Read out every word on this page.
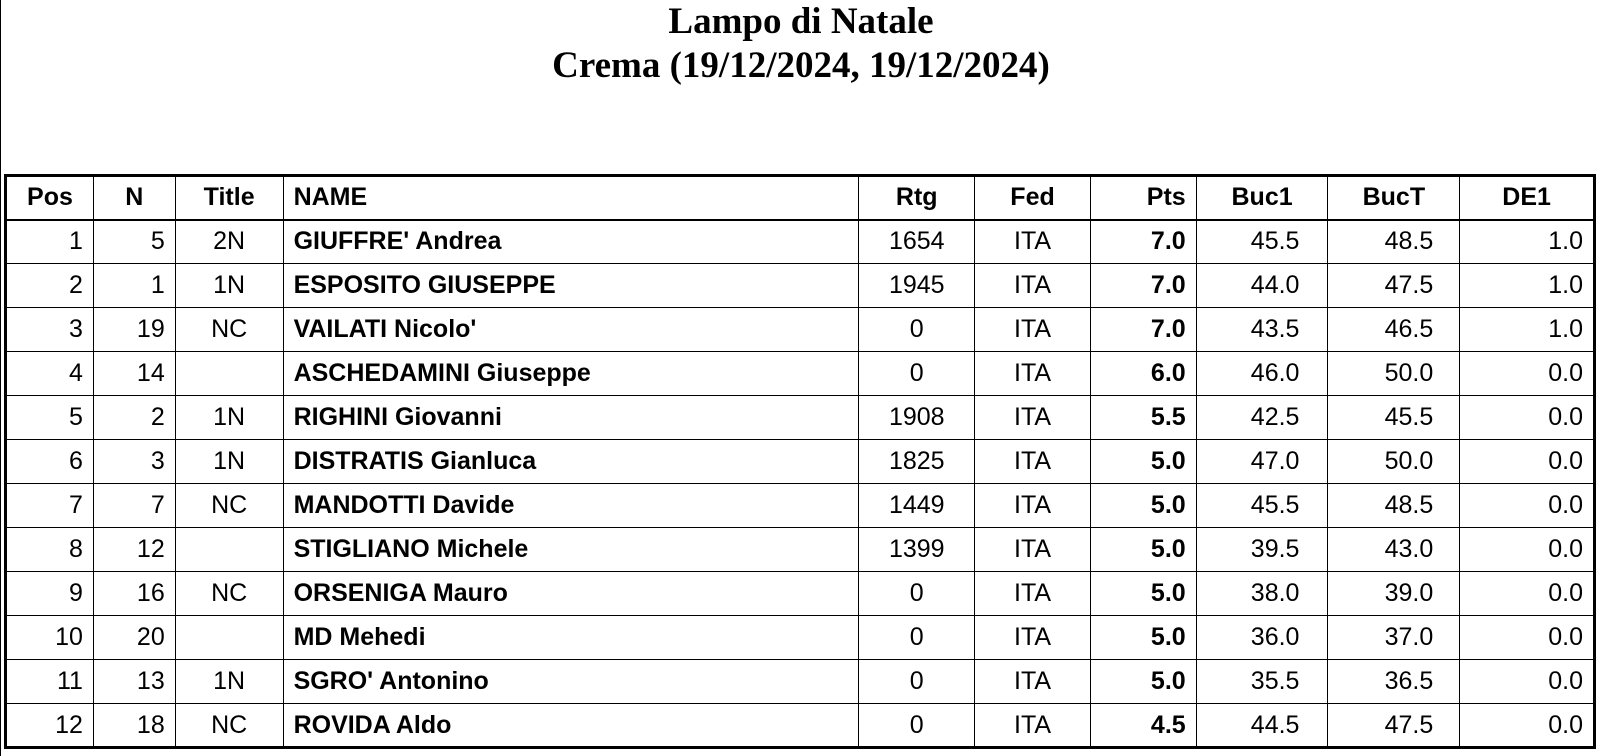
Lampo di Natale
Crema (19/12/2024, 19/12/2024)
Pos	N	Title	NAME	Rtg	Fed	Pts	Buc1	BucT	DE1
1	5	2N	GIUFFRE' Andrea	1654	ITA	7.0	45.5	48.5	1.0
2	1	1N	ESPOSITO GIUSEPPE	1945	ITA	7.0	44.0	47.5	1.0
3	19	NC	VAILATI Nicolo'	0	ITA	7.0	43.5	46.5	1.0
4	14		ASCHEDAMINI Giuseppe	0	ITA	6.0	46.0	50.0	0.0
5	2	1N	RIGHINI Giovanni	1908	ITA	5.5	42.5	45.5	0.0
6	3	1N	DISTRATIS Gianluca	1825	ITA	5.0	47.0	50.0	0.0
7	7	NC	MANDOTTI Davide	1449	ITA	5.0	45.5	48.5	0.0
8	12		STIGLIANO Michele	1399	ITA	5.0	39.5	43.0	0.0
9	16	NC	ORSENIGA Mauro	0	ITA	5.0	38.0	39.0	0.0
10	20		MD Mehedi	0	ITA	5.0	36.0	37.0	0.0
11	13	1N	SGRO' Antonino	0	ITA	5.0	35.5	36.5	0.0
12	18	NC	ROVIDA Aldo	0	ITA	4.5	44.5	47.5	0.0
